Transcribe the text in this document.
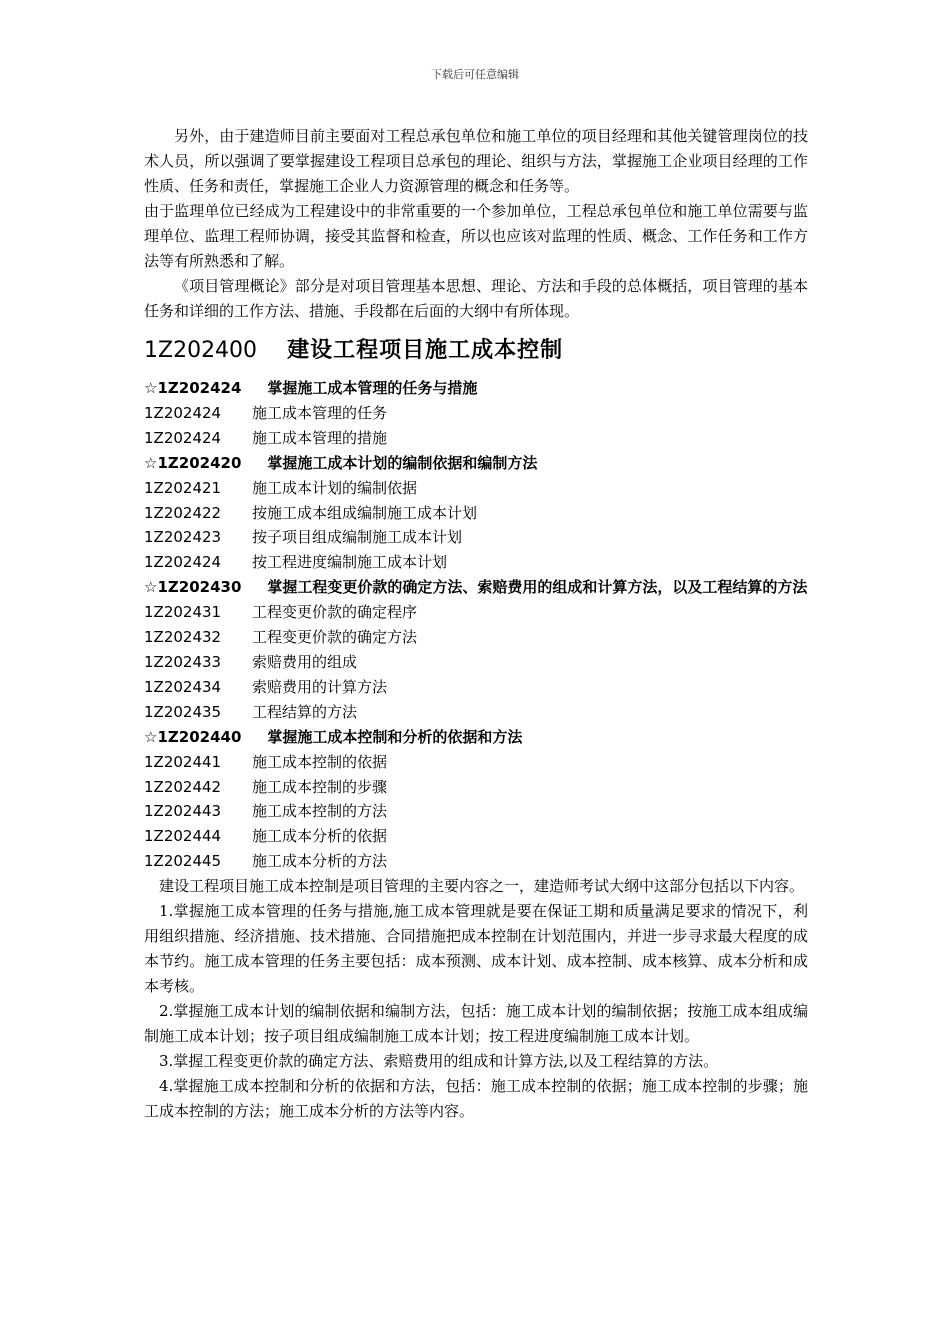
下载后可任意编辑

另外，由于建造师目前主要面对工程总承包单位和施工单位的项目经理和其他关键管理岗位的技术人员，所以强调了要掌握建设工程项目总承包的理论、组织与方法，掌握施工企业项目经理的工作性质、任务和责任，掌握施工企业人力资源管理的概念和任务等。

由于监理单位已经成为工程建设中的非常重要的一个参加单位，工程总承包单位和施工单位需要与监理单位、监理工程师协调，接受其监督和检查，所以也应该对监理的性质、概念、工作任务和工作方法等有所熟悉和了解。

《项目管理概论》部分是对项目管理基本思想、理论、方法和手段的总体概括，项目管理的基本任务和详细的工作方法、措施、手段都在后面的大纲中有所体现。

1Z202400 建设工程项目施工成本控制
☆1Z202424 掌握施工成本管理的任务与措施
1Z202424 施工成本管理的任务
1Z202424 施工成本管理的措施
☆1Z202420 掌握施工成本计划的编制依据和编制方法
1Z202421 施工成本计划的编制依据
1Z202422 按施工成本组成编制施工成本计划
1Z202423 按子项目组成编制施工成本计划
1Z202424 按工程进度编制施工成本计划
☆1Z202430 掌握工程变更价款的确定方法、索赔费用的组成和计算方法，以及工程结算的方法
1Z202431 工程变更价款的确定程序
1Z202432 工程变更价款的确定方法
1Z202433 索赔费用的组成
1Z202434 索赔费用的计算方法
1Z202435 工程结算的方法
☆1Z202440 掌握施工成本控制和分析的依据和方法
1Z202441 施工成本控制的依据
1Z202442 施工成本控制的步骤
1Z202443 施工成本控制的方法
1Z202444 施工成本分析的依据
1Z202445 施工成本分析的方法

建设工程项目施工成本控制是项目管理的主要内容之一，建造师考试大纲中这部分包括以下内容。

1.掌握施工成本管理的任务与措施,施工成本管理就是要在保证工期和质量满足要求的情况下，利用组织措施、经济措施、技术措施、合同措施把成本控制在计划范围内，并进一步寻求最大程度的成本节约。施工成本管理的任务主要包括：成本预测、成本计划、成本控制、成本核算、成本分析和成本考核。

2.掌握施工成本计划的编制依据和编制方法，包括：施工成本计划的编制依据；按施工成本组成编制施工成本计划；按子项目组成编制施工成本计划；按工程进度编制施工成本计划。

3.掌握工程变更价款的确定方法、索赔费用的组成和计算方法,以及工程结算的方法。

4.掌握施工成本控制和分析的依据和方法，包括：施工成本控制的依据；施工成本控制的步骤；施工成本控制的方法；施工成本分析的方法等内容。
